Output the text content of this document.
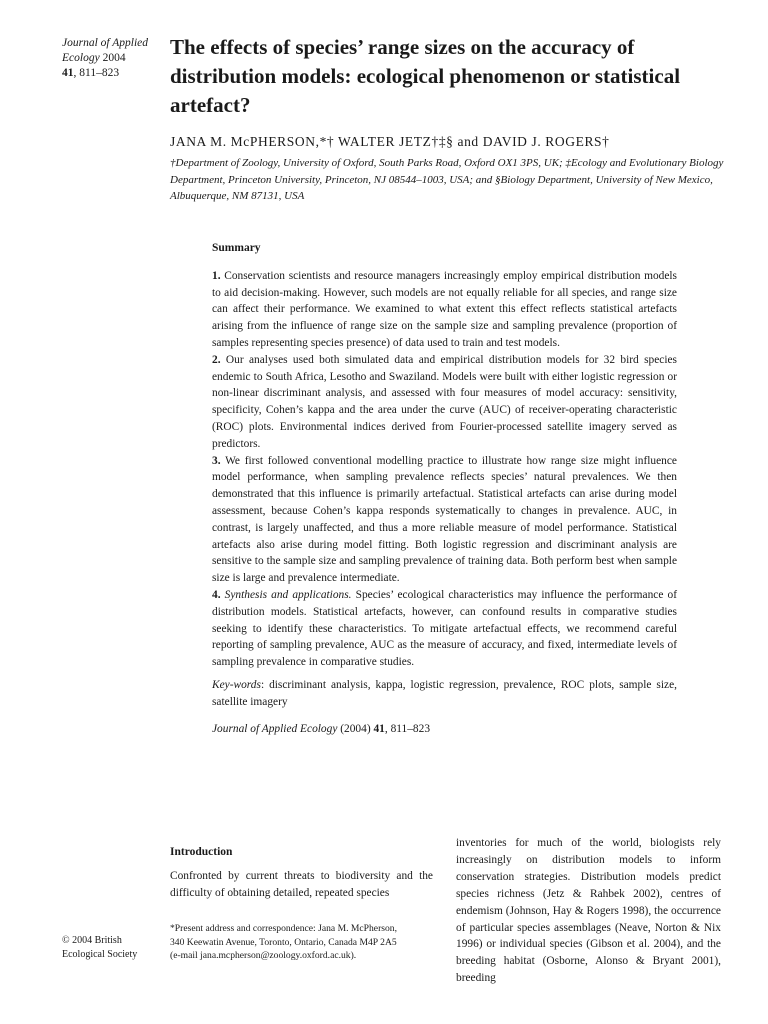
Journal of Applied
Ecology 2004
41, 811–823
The effects of species’ range sizes on the accuracy of distribution models: ecological phenomenon or statistical artefact?
JANA M. McPHERSON,*† WALTER JETZ†‡§ and DAVID J. ROGERS†
†Department of Zoology, University of Oxford, South Parks Road, Oxford OX1 3PS, UK; ‡Ecology and Evolutionary Biology Department, Princeton University, Princeton, NJ 08544–1003, USA; and §Biology Department, University of New Mexico, Albuquerque, NM 87131, USA
Summary

1. Conservation scientists and resource managers increasingly employ empirical distribution models to aid decision-making. However, such models are not equally reliable for all species, and range size can affect their performance. We examined to what extent this effect reflects statistical artefacts arising from the influence of range size on the sample size and sampling prevalence (proportion of samples representing species presence) of data used to train and test models.

2. Our analyses used both simulated data and empirical distribution models for 32 bird species endemic to South Africa, Lesotho and Swaziland. Models were built with either logistic regression or non-linear discriminant analysis, and assessed with four measures of model accuracy: sensitivity, specificity, Cohen’s kappa and the area under the curve (AUC) of receiver-operating characteristic (ROC) plots. Environmental indices derived from Fourier-processed satellite imagery served as predictors.

3. We first followed conventional modelling practice to illustrate how range size might influence model performance, when sampling prevalence reflects species’ natural prevalences. We then demonstrated that this influence is primarily artefactual. Statistical artefacts can arise during model assessment, because Cohen’s kappa responds systematically to changes in prevalence. AUC, in contrast, is largely unaffected, and thus a more reliable measure of model performance. Statistical artefacts also arise during model fitting. Both logistic regression and discriminant analysis are sensitive to the sample size and sampling prevalence of training data. Both perform best when sample size is large and prevalence intermediate.

4. Synthesis and applications. Species’ ecological characteristics may influence the performance of distribution models. Statistical artefacts, however, can confound results in comparative studies seeking to identify these characteristics. To mitigate artefactual effects, we recommend careful reporting of sampling prevalence, AUC as the measure of accuracy, and fixed, intermediate levels of sampling prevalence in comparative studies.

Key-words: discriminant analysis, kappa, logistic regression, prevalence, ROC plots, sample size, satellite imagery

Journal of Applied Ecology (2004) 41, 811–823

Introduction
Confronted by current threats to biodiversity and the difficulty of obtaining detailed, repeated species
*Present address and correspondence: Jana M. McPherson,
340 Keewatin Avenue, Toronto, Ontario, Canada M4P 2A5
(e-mail jana.mcpherson@zoology.oxford.ac.uk).
inventories for much of the world, biologists rely increasingly on distribution models to inform conservation strategies. Distribution models predict species richness (Jetz & Rahbek 2002), centres of endemism (Johnson, Hay & Rogers 1998), the occurrence of particular species assemblages (Neave, Norton & Nix 1996) or individual species (Gibson et al. 2004), and the breeding habitat (Osborne, Alonso & Bryant 2001), breeding
© 2004 British
Ecological Society
